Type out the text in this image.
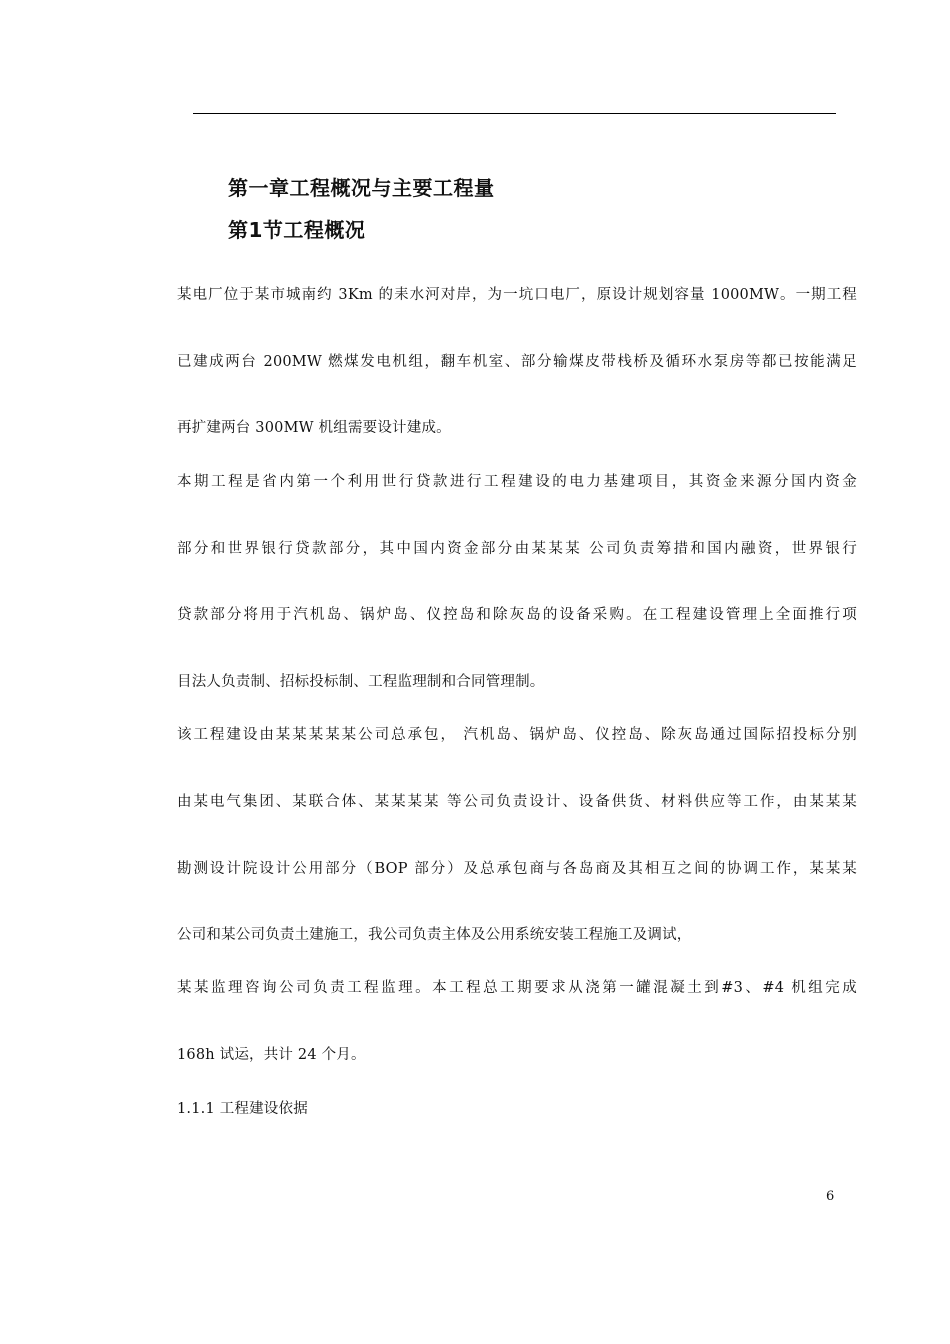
第一章工程概况与主要工程量
第1节工程概况
某电厂位于某市城南约 3Km 的耒水河对岸，为一坑口电厂，原设计规划容量 1000MW。一期工程
已建成两台 200MW 燃煤发电机组，翻车机室、部分输煤皮带栈桥及循环水泵房等都已按能满足
再扩建两台 300MW 机组需要设计建成。
本期工程是省内第一个利用世行贷款进行工程建设的电力基建项目，其资金来源分国内资金
部分和世界银行贷款部分，其中国内资金部分由某某某 公司负责筹措和国内融资，世界银行
贷款部分将用于汽机岛、锅炉岛、仪控岛和除灰岛的设备采购。在工程建设管理上全面推行项
目法人负责制、招标投标制、工程监理制和合同管理制。
该工程建设由某某某某某公司总承包， 汽机岛、锅炉岛、仪控岛、除灰岛通过国际招投标分别
由某电气集团、某联合体、某某某某 等公司负责设计、设备供货、材料供应等工作，由某某某
勘测设计院设计公用部分（BOP 部分）及总承包商与各岛商及其相互之间的协调工作，某某某
公司和某公司负责土建施工，我公司负责主体及公用系统安装工程施工及调试，
某某监理咨询公司负责工程监理。本工程总工期要求从浇第一罐混凝土到#3、#4 机组完成
168h 试运，共计 24 个月。
1.1.1 工程建设依据
6
